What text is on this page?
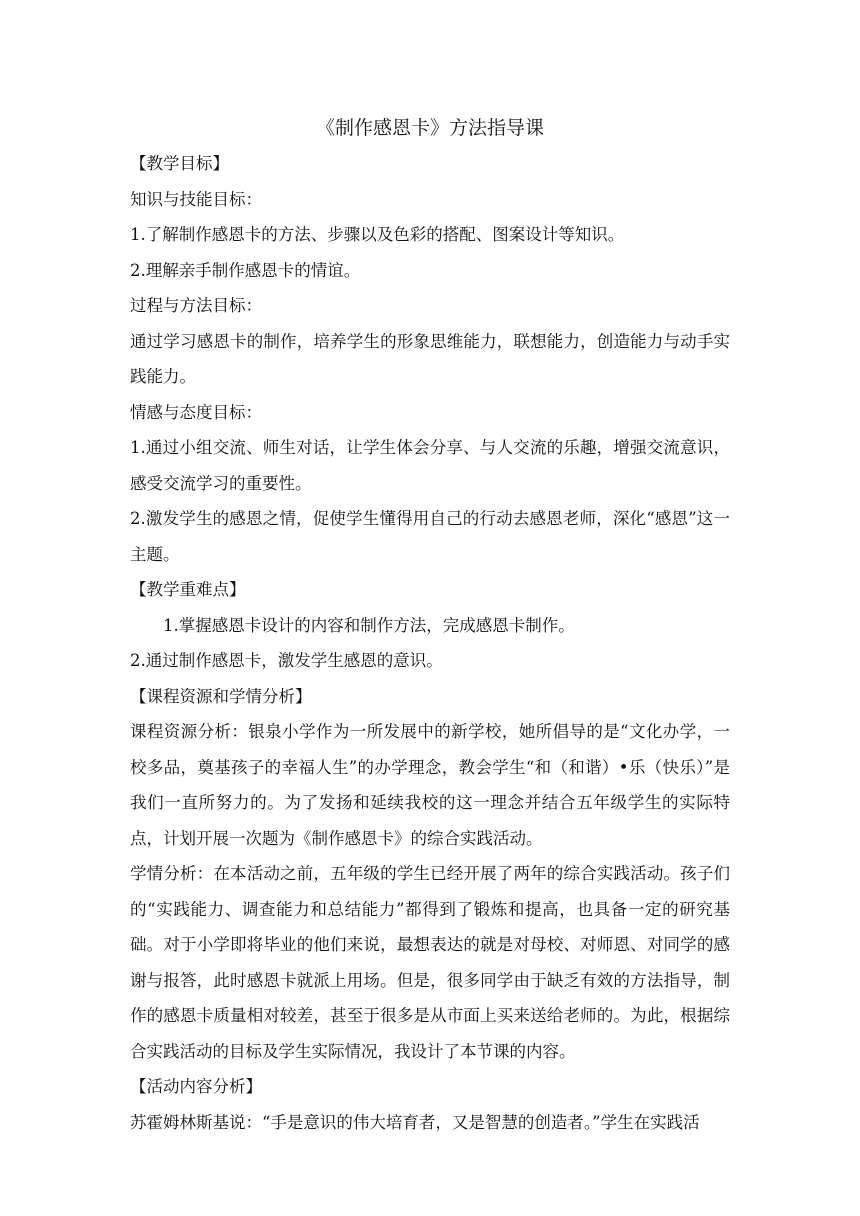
《制作感恩卡》方法指导课
【教学目标】
知识与技能目标：
1.了解制作感恩卡的方法、步骤以及色彩的搭配、图案设计等知识。
2.理解亲手制作感恩卡的情谊。
过程与方法目标：
通过学习感恩卡的制作，培养学生的形象思维能力，联想能力，创造能力与动手实践能力。
情感与态度目标：
1.通过小组交流、师生对话，让学生体会分享、与人交流的乐趣，增强交流意识，感受交流学习的重要性。
2.激发学生的感恩之情，促使学生懂得用自己的行动去感恩老师，深化“感恩”这一主题。
【教学重难点】
1.掌握感恩卡设计的内容和制作方法，完成感恩卡制作。
2.通过制作感恩卡，激发学生感恩的意识。
【课程资源和学情分析】
课程资源分析：银泉小学作为一所发展中的新学校，她所倡导的是“文化办学，一校多品，奠基孩子的幸福人生”的办学理念，教会学生“和（和谐）•乐（快乐）”是我们一直所努力的。为了发扬和延续我校的这一理念并结合五年级学生的实际特点，计划开展一次题为《制作感恩卡》的综合实践活动。
学情分析：在本活动之前，五年级的学生已经开展了两年的综合实践活动。孩子们的“实践能力、调查能力和总结能力”都得到了锻炼和提高，也具备一定的研究基础。对于小学即将毕业的他们来说，最想表达的就是对母校、对师恩、对同学的感谢与报答，此时感恩卡就派上用场。但是，很多同学由于缺乏有效的方法指导，制作的感恩卡质量相对较差，甚至于很多是从市面上买来送给老师的。为此，根据综合实践活动的目标及学生实际情况，我设计了本节课的内容。
【活动内容分析】
苏霍姆林斯基说：“手是意识的伟大培育者，又是智慧的创造者。”学生在实践活
